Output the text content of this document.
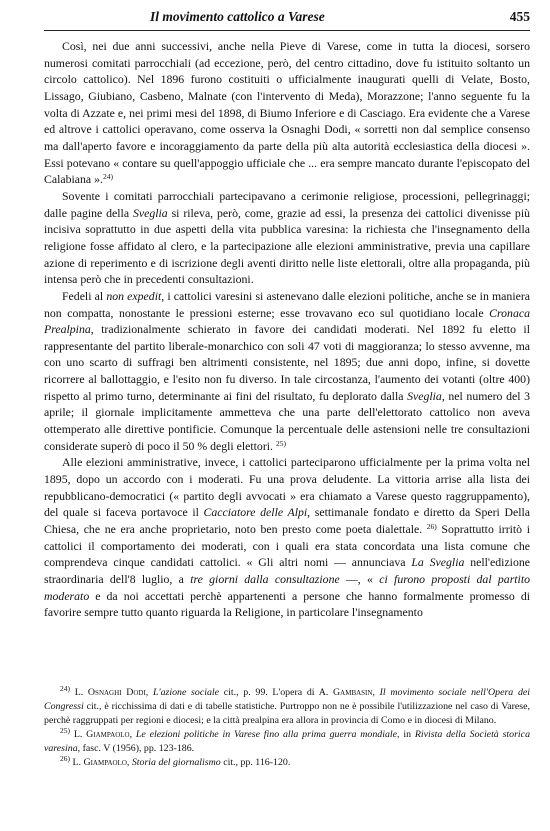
Il movimento cattolico a Varese	455

Così, nei due anni successivi, anche nella Pieve di Varese, come in tutta la diocesi, sorsero numerosi comitati parrocchiali (ad eccezione, però, del centro cittadino, dove fu istituito soltanto un circolo cattolico). Nel 1896 furono costituiti o ufficialmente inaugurati quelli di Velate, Bosto, Lissago, Giubiano, Casbeno, Malnate (con l'intervento di Meda), Morazzone; l'anno seguente fu la volta di Azzate e, nei primi mesi del 1898, di Biumo Inferiore e di Casciago. Era evidente che a Varese ed altrove i cattolici operavano, come osserva la Osnaghi Dodi, « sorretti non dal semplice consenso ma dall'aperto favore e incoraggiamento da parte della più alta autorità ecclesiastica della diocesi ». Essi potevano « contare su quell'appoggio ufficiale che ... era sempre mancato durante l'episcopato del Calabiana ».$^{24)}$

Sovente i comitati parrocchiali partecipavano a cerimonie religiose, processioni, pellegrinaggi; dalle pagine della Sveglia si rileva, però, come, grazie ad essi, la presenza dei cattolici divenisse più incisiva soprattutto in due aspetti della vita pubblica varesina: la richiesta che l'insegnamento della religione fosse affidato al clero, e la partecipazione alle elezioni amministrative, previa una capillare azione di reperimento e di iscrizione degli aventi diritto nelle liste elettorali, oltre alla propaganda, più intensa però che in precedenti consultazioni.

Fedeli al non expedit, i cattolici varesini si astenevano dalle elezioni politiche, anche se in maniera non compatta, nonostante le pressioni esterne; esse trovavano eco sul quotidiano locale Cronaca Prealpina, tradizionalmente schierato in favore dei candidati moderati. Nel 1892 fu eletto il rappresentante del partito liberale-monarchico con soli 47 voti di maggioranza; lo stesso avvenne, ma con uno scarto di suffragi ben altrimenti consistente, nel 1895; due anni dopo, infine, si dovette ricorrere al ballottaggio, e l'esito non fu diverso. In tale circostanza, l'aumento dei votanti (oltre 400) rispetto al primo turno, determinante ai fini del risultato, fu deplorato dalla Sveglia, nel numero del 3 aprile; il giornale implicitamente ammetteva che una parte dell'elettorato cattolico non aveva ottemperato alle direttive pontificie. Comunque la percentuale delle astensioni nelle tre consultazioni considerate superò di poco il 50 % degli elettori. $^{25)}$

Alle elezioni amministrative, invece, i cattolici parteciparono ufficialmente per la prima volta nel 1895, dopo un accordo con i moderati. Fu una prova deludente. La vittoria arrise alla lista dei repubblicano-democratici (« partito degli avvocati » era chiamato a Varese questo raggruppamento), del quale si faceva portavoce il Cacciatore delle Alpi, settimanale fondato e diretto da Speri Della Chiesa, che ne era anche proprietario, noto ben presto come poeta dialettale. $^{26)}$ Soprattutto irritò i cattolici il comportamento dei moderati, con i quali era stata concordata una lista comune che comprendeva cinque candidati cattolici. « Gli altri nomi — annunciava La Sveglia nell'edizione straordinaria dell'8 luglio, a tre giorni dalla consultazione —, « ci furono proposti dal partito moderato e da noi accettati perchè appartenenti a persone che hanno formalmente promesso di favorire sempre tutto quanto riguarda la Religione, in particolare l'insegnamento

$^{24)}$ L. Osnaghi Dodi, L'azione sociale cit., p. 99. L'opera di A. Gambasin, Il movimento sociale nell'Opera dei Congressi cit., è ricchissima di dati e di tabelle statistiche. Purtroppo non ne è possibile l'utilizzazione nel caso di Varese, perchè raggruppati per regioni e diocesi; e la città prealpina era allora in provincia di Como e in diocesi di Milano.

$^{25)}$ L. Giampaolo, Le elezioni politiche in Varese fino alla prima guerra mondiale, in Rivista della Società storica varesina, fasc. V (1956), pp. 123-186.

$^{26)}$ L. Giampaolo, Storia del giornalismo cit., pp. 116-120.
